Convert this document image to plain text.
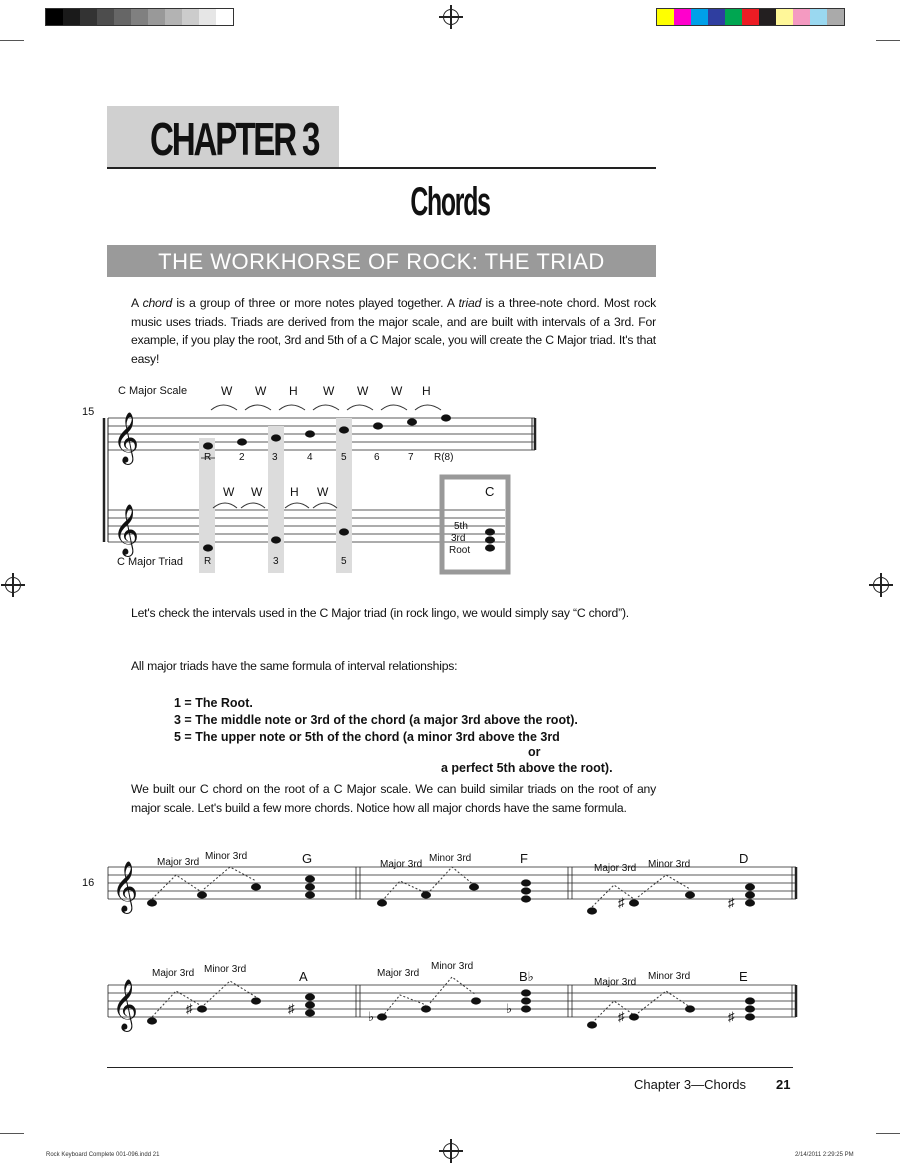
CHAPTER 3
Chords
THE WORKHORSE OF ROCK: THE TRIAD
A chord is a group of three or more notes played together. A triad is a three-note chord. Most rock music uses triads. Triads are derived from the major scale, and are built with intervals of a 3rd. For example, if you play the root, 3rd and 5th of a C Major scale, you will create the C Major triad. It's that easy!
𝄞
𝄞
15
C Major Scale
C Major Triad
C
5th
3rd
Root
W W H W W W H
R	2	3	4	5	6	7 R(8)
W W H W
R	3	5
Let's check the intervals used in the C Major triad (in rock lingo, we would simply say “C chord”).
All major triads have the same formula of interval relationships:
1 = The Root.
3 = The middle note or 3rd of the chord (a major 3rd above the root).
5 = The upper note or 5th of the chord (a minor 3rd above the 3rd
or
a perfect 5th above the root).
We built our C chord on the root of a C Major scale. We can build similar triads on the root of any major scale. Let's build a few more chords. Notice how all major chords have the same formula.
𝄞
𝄞
♯	♯
♯	♯
♭
♭
♯	♯
16
Major 3rd
Minor 3rd
Major 3rd
Minor 3rd
Major 3rd Minor 3rd
Major 3rd Minor 3rd	Major 3rd
Minor 3rd
Major 3rd
Minor 3rd
G	F	D
A	B♭	E
Chapter 3—Chords 21
Rock Keyboard Complete 001-096.indd 21	2/14/2011 2:29:25 PM
